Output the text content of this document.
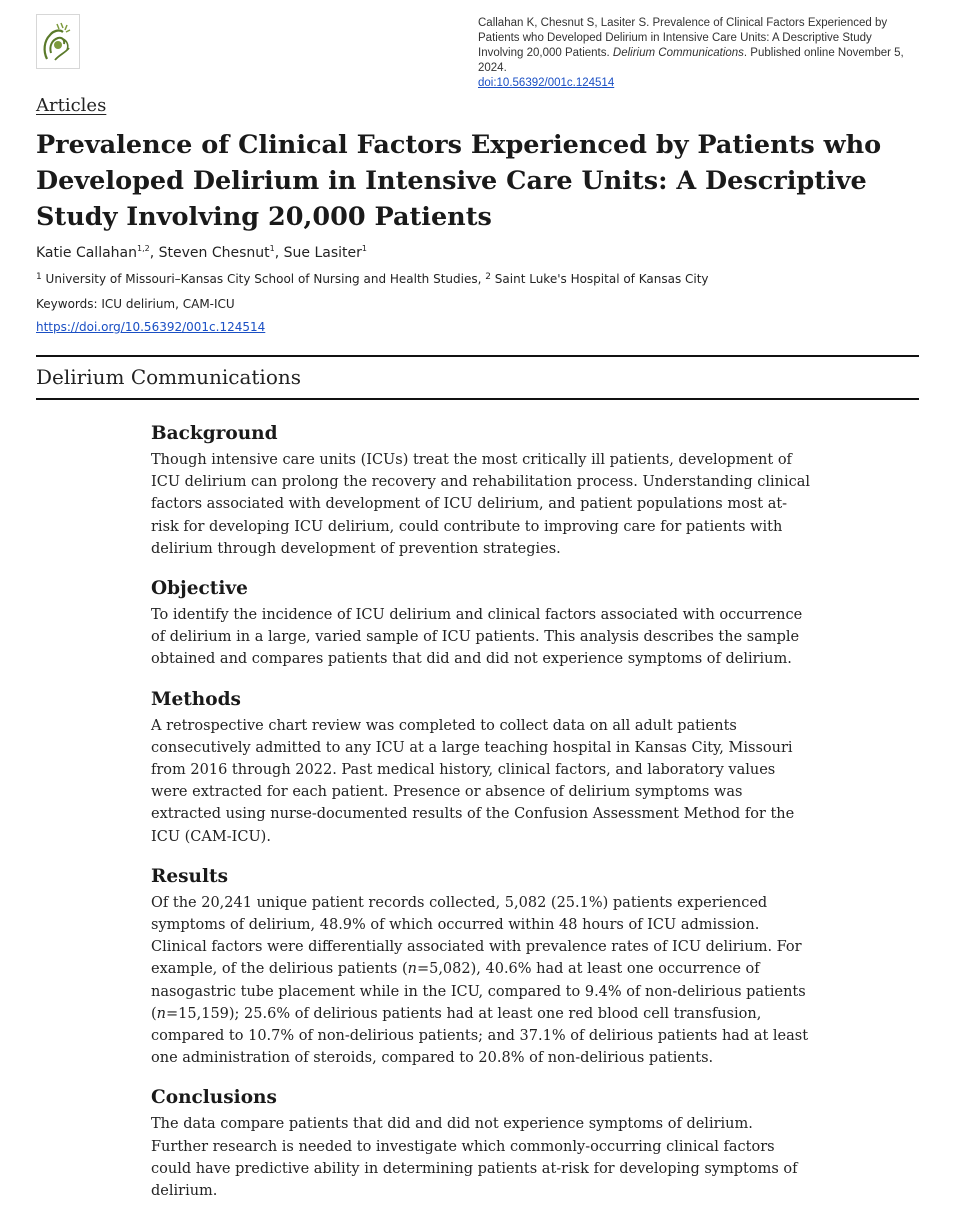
Callahan K, Chesnut S, Lasiter S. Prevalence of Clinical Factors Experienced by Patients who Developed Delirium in Intensive Care Units: A Descriptive Study Involving 20,000 Patients. Delirium Communications. Published online November 5, 2024.
doi:10.56392/001c.124514
Articles
Prevalence of Clinical Factors Experienced by Patients who Developed Delirium in Intensive Care Units: A Descriptive Study Involving 20,000 Patients
Katie Callahan$^{1,2}$, Steven Chesnut$^1$, Sue Lasiter$^1$
$^1$ University of Missouri–Kansas City School of Nursing and Health Studies, $^2$ Saint Luke's Hospital of Kansas City
Keywords: ICU delirium, CAM-ICU
https://doi.org/10.56392/001c.124514
Delirium Communications
Background

Though intensive care units (ICUs) treat the most critically ill patients, development of ICU delirium can prolong the recovery and rehabilitation process. Understanding clinical factors associated with development of ICU delirium, and patient populations most at-risk for developing ICU delirium, could contribute to improving care for patients with delirium through development of prevention strategies.

Objective

To identify the incidence of ICU delirium and clinical factors associated with occurrence of delirium in a large, varied sample of ICU patients. This analysis describes the sample obtained and compares patients that did and did not experience symptoms of delirium.

Methods

A retrospective chart review was completed to collect data on all adult patients consecutively admitted to any ICU at a large teaching hospital in Kansas City, Missouri from 2016 through 2022. Past medical history, clinical factors, and laboratory values were extracted for each patient. Presence or absence of delirium symptoms was extracted using nurse-documented results of the Confusion Assessment Method for the ICU (CAM-ICU).

Results

Of the 20,241 unique patient records collected, 5,082 (25.1%) patients experienced symptoms of delirium, 48.9% of which occurred within 48 hours of ICU admission. Clinical factors were differentially associated with prevalence rates of ICU delirium. For example, of the delirious patients (n=5,082), 40.6% had at least one occurrence of nasogastric tube placement while in the ICU, compared to 9.4% of non-delirious patients (n=15,159); 25.6% of delirious patients had at least one red blood cell transfusion, compared to 10.7% of non-delirious patients; and 37.1% of delirious patients had at least one administration of steroids, compared to 20.8% of non-delirious patients.

Conclusions

The data compare patients that did and did not experience symptoms of delirium. Further research is needed to investigate which commonly-occurring clinical factors could have predictive ability in determining patients at-risk for developing symptoms of delirium.
